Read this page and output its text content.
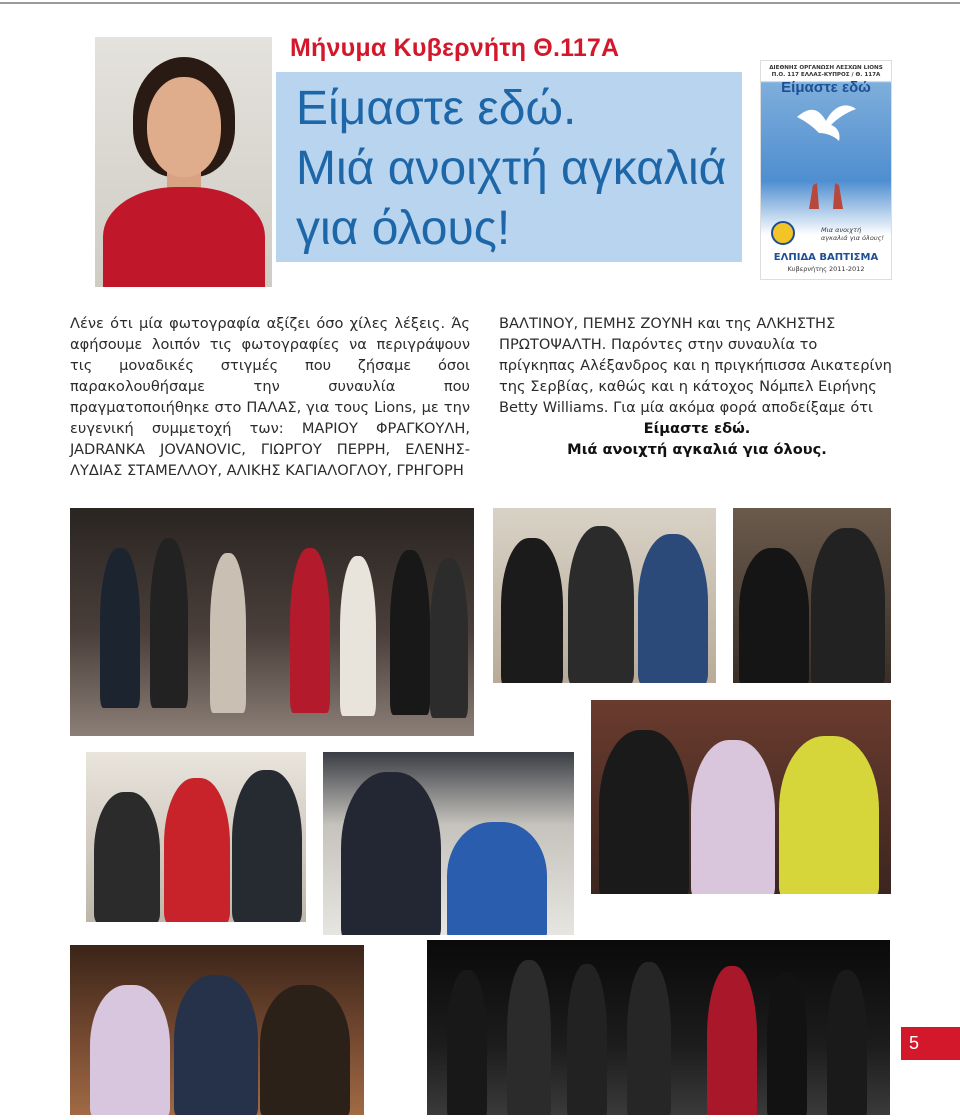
Μήνυμα Κυβερνήτη Θ.117Α
Είμαστε εδώ.
Μιά ανοιχτή αγκαλιά
για όλους!
ΔΙΕΘΝΗΣ ΟΡΓΑΝΩΣΗ ΛΕΣΧΩΝ LIONS
Π.Ο. 117 ΕΛΛΑΣ-ΚΥΠΡΟΣ / Θ. 117Α
Είμαστε εδώ
Μια ανοιχτή αγκαλιά για όλους!
ΕΛΠΙΔΑ ΒΑΠΤΙΣΜΑ
Κυβερνήτης 2011-2012

Λένε ότι μία φωτογραφία αξίζει όσο χίλες λέξεις. Άς αφήσουμε λοιπόν τις φωτογραφίες να περιγράψουν τις μοναδικές στιγμές που ζήσαμε όσοι παρακολουθήσαμε την συναυλία που πραγματοποιήθηκε στο ΠΑΛΑΣ, για τους Lions, με την ευγενική συμμετοχή των: ΜΑΡΙΟΥ ΦΡΑΓΚΟΥΛΗ, JADRANKA JOVANOVIC, ΓΙΩΡΓΟΥ ΠΕΡΡΗ, ΕΛΕΝΗΣ-ΛΥΔΙΑΣ ΣΤΑΜΕΛΛΟΥ, ΑΛΙΚΗΣ ΚΑΓΙΑΛΟΓΛΟΥ, ΓΡΗΓΟΡΗ

ΒΑΛΤΙΝΟΥ, ΠΕΜΗΣ ΖΟΥΝΗ και της ΑΛΚΗΣΤΗΣ ΠΡΩΤΟΨΑΛΤΗ. Παρόντες στην συναυλία το πρίγκηπας Αλέξανδρος και η πριγκήπισσα Αικατερίνη της Σερβίας, καθώς και η κάτοχος Νόμπελ Ειρήνης Betty Williams. Για μία ακόμα φορά αποδείξαμε ότι
Είμαστε εδώ.
Μιά ανοιχτή αγκαλιά για όλους.

5
